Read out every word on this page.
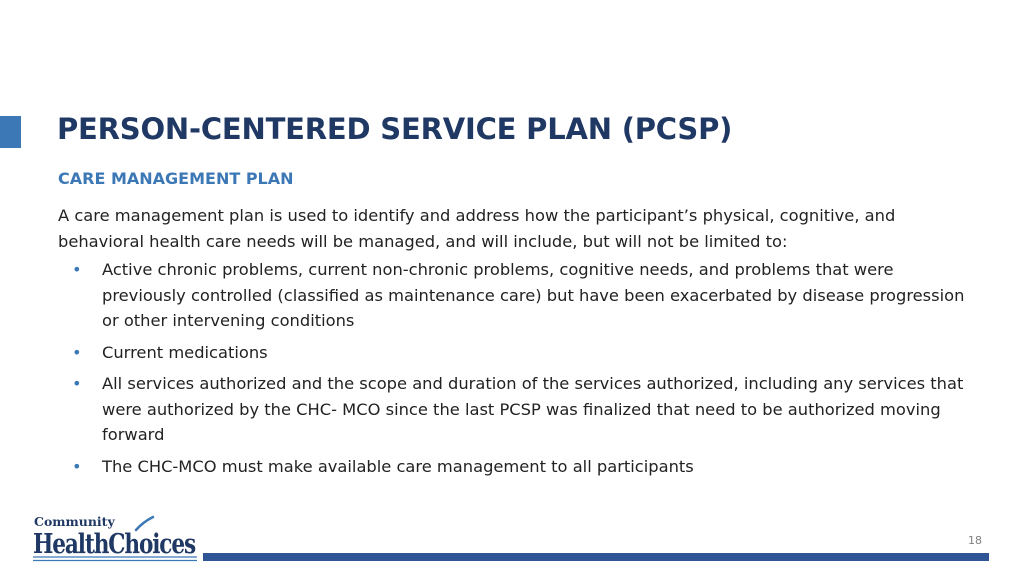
PERSON-CENTERED SERVICE PLAN (PCSP)
CARE MANAGEMENT PLAN

A care management plan is used to identify and address how the participant’s physical, cognitive, and behavioral health care needs will be managed, and will include, but will not be limited to:

• Active chronic problems, current non-chronic problems, cognitive needs, and problems that were previously controlled (classified as maintenance care) but have been exacerbated by disease progression or other intervening conditions
• Current medications
• All services authorized and the scope and duration of the services authorized, including any services that were authorized by the CHC- MCO since the last PCSP was finalized that need to be authorized moving forward
• The CHC-MCO must make available care management to all participants
Community
HealthChoices	18
